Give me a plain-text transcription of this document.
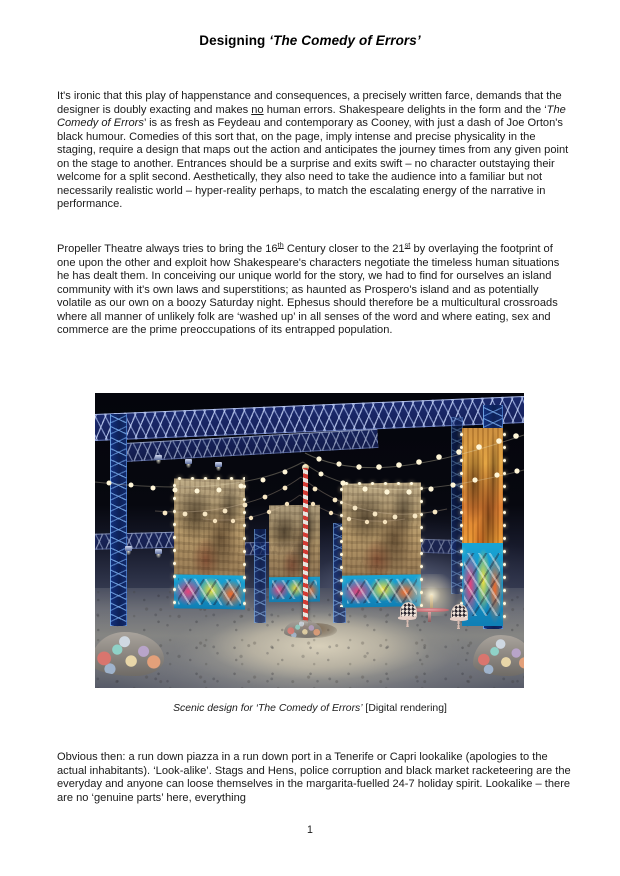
Designing ‘The Comedy of Errors’

It's ironic that this play of happenstance and consequences, a precisely written farce, demands that the designer is doubly exacting and makes no human errors. Shakespeare delights in the form and the ‘The Comedy of Errors’ is as fresh as Feydeau and contemporary as Cooney, with just a dash of Joe Orton's black humour. Comedies of this sort that, on the page, imply intense and precise physicality in the staging, require a design that maps out the action and anticipates the journey times from any given point on the stage to another. Entrances should be a surprise and exits swift – no character outstaying their welcome for a split second. Aesthetically, they also need to take the audience into a familiar but not necessarily realistic world – hyper-reality perhaps, to match the escalating energy of the narrative in performance.

Propeller Theatre always tries to bring the 16th Century closer to the 21st by overlaying the footprint of one upon the other and exploit how Shakespeare's characters negotiate the timeless human situations he has dealt them. In conceiving our unique world for the story, we had to find for ourselves an island community with it's own laws and superstitions; as haunted as Prospero's island and as potentially volatile as our own on a boozy Saturday night. Ephesus should therefore be a multicultural crossroads where all manner of unlikely folk are ‘washed up’ in all senses of the word and where eating, sex and commerce are the prime preoccupations of its entrapped population.

Scenic design for ‘The Comedy of Errors’ [Digital rendering]

Obvious then: a run down piazza in a run down port in a Tenerife or Capri lookalike (apologies to the actual inhabitants). ‘Look-alike’. Stags and Hens, police corruption and black market racketeering are the everyday and anyone can loose themselves in the margarita-fuelled 24-7 holiday spirit. Lookalike – there are no ‘genuine parts’ here, everything

1
